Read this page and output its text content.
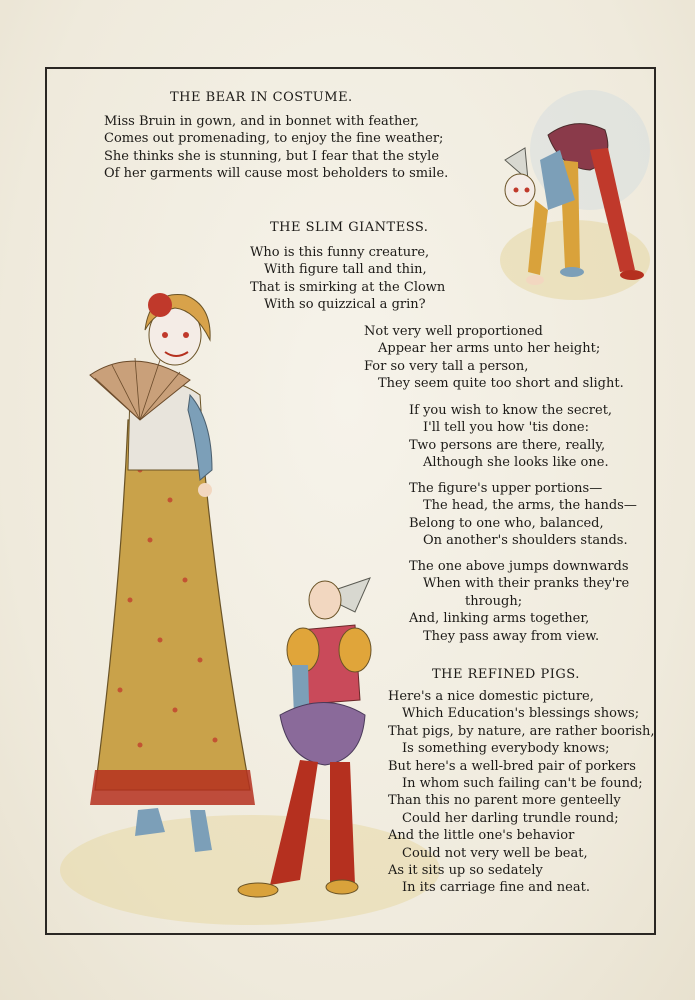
THE BEAR IN COSTUME.
Miss Bruin in gown, and in bonnet with feather,
Comes out promenading, to enjoy the fine weather;
She thinks she is stunning, but I fear that the style
Of her garments will cause most beholders to smile.
THE SLIM GIANTESS.
Who is this funny creature,
With figure tall and thin,
That is smirking at the Clown
With so quizzical a grin?
Not very well proportioned
Appear her arms unto her height;
For so very tall a person,
They seem quite too short and slight.
If you wish to know the secret,
I'll tell you how 'tis done:
Two persons are there, really,
Although she looks like one.
The figure's upper portions—
The head, the arms, the hands—
Belong to one who, balanced,
On another's shoulders stands.
The one above jumps downwards
When with their pranks they're
through;
And, linking arms together,
They pass away from view.
THE REFINED PIGS.
Here's a nice domestic picture,
Which Education's blessings shows;
That pigs, by nature, are rather boorish,
Is something everybody knows;
But here's a well-bred pair of porkers
In whom such failing can't be found;
Than this no parent more genteelly
Could her darling trundle round;
And the little one's behavior
Could not very well be beat,
As it sits up so sedately
In its carriage fine and neat.
